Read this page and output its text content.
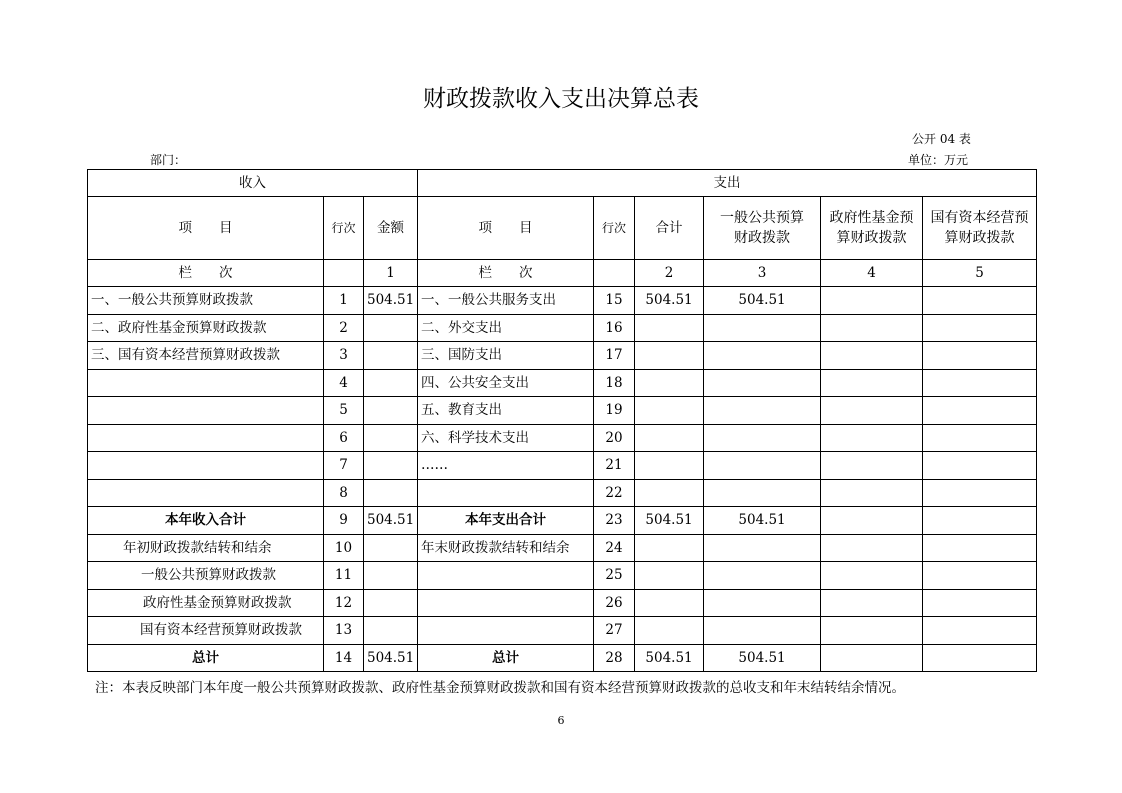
财政拨款收入支出决算总表
公开 04 表
部门：	单位：万元
收入			支出					
项　　目	行次	金额	项　　目	行次	合计	一般公共预算财政拨款	政府性基金预算财政拨款	国有资本经营预算财政拨款
栏　　次		1	栏　　次		2	3	4	5
一、一般公共预算财政拨款	1	504.51	一、一般公共服务支出	15	504.51	504.51		
二、政府性基金预算财政拨款	2		二、外交支出	16				
三、国有资本经营预算财政拨款	3		三、国防支出	17				
	4		四、公共安全支出	18				
	5		五、教育支出	19				
	6		六、科学技术支出	20				
	7		……	21				
	8			22				
本年收入合计	9	504.51	本年支出合计	23	504.51	504.51		
年初财政拨款结转和结余	10		年末财政拨款结转和结余	24				
一般公共预算财政拨款	11			25				
政府性基金预算财政拨款	12			26				
国有资本经营预算财政拨款	13			27				
总计	14	504.51	总计	28	504.51	504.51		
注：本表反映部门本年度一般公共预算财政拨款、政府性基金预算财政拨款和国有资本经营预算财政拨款的总收支和年末结转结余情况。
6
